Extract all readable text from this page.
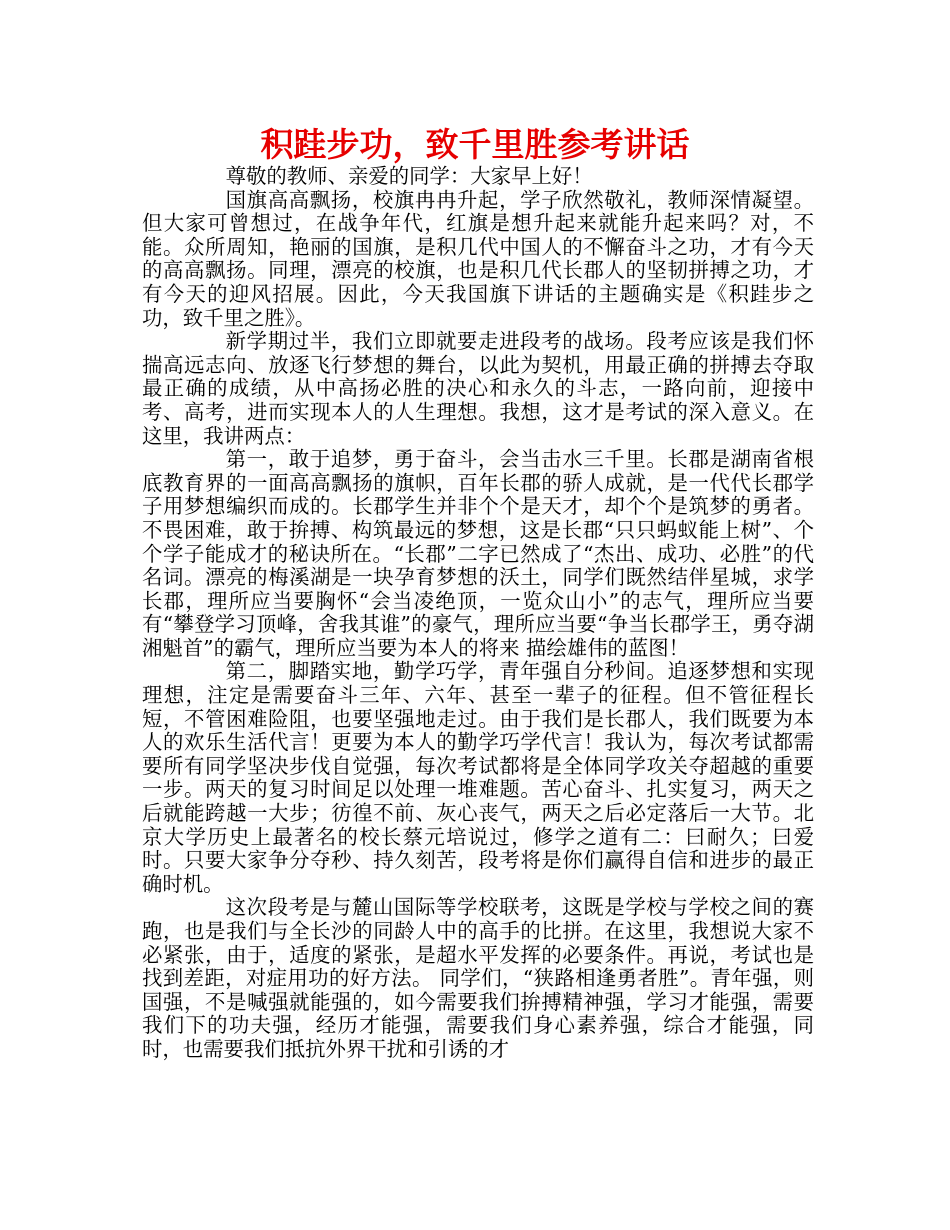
积跬步功，致千里胜参考讲话

尊敬的教师、亲爱的同学：大家早上好！

国旗高高飘扬，校旗冉冉升起，学子欣然敬礼，教师深情凝望。但大家可曾想过，在战争年代，红旗是想升起来就能升起来吗？对，不能。众所周知，艳丽的国旗，是积几代中国人的不懈奋斗之功，才有今天的高高飘扬。同理，漂亮的校旗，也是积几代长郡人的坚韧拼搏之功，才有今天的迎风招展。因此，今天我国旗下讲话的主题确实是《积跬步之功，致千里之胜》。

新学期过半，我们立即就要走进段考的战场。段考应该是我们怀揣高远志向、放逐飞行梦想的舞台，以此为契机，用最正确的拼搏去夺取最正确的成绩，从中高扬必胜的决心和永久的斗志，一路向前，迎接中考、高考，进而实现本人的人生理想。我想，这才是考试的深入意义。在这里，我讲两点：

第一，敢于追梦，勇于奋斗，会当击水三千里。长郡是湖南省根底教育界的一面高高飘扬的旗帜，百年长郡的骄人成就，是一代代长郡学子用梦想编织而成的。长郡学生并非个个是天才，却个个是筑梦的勇者。不畏困难，敢于拚搏、构筑最远的梦想，这是长郡“只只蚂蚁能上树”、个个学子能成才的秘诀所在。“长郡”二字已然成了“杰出、成功、必胜”的代名词。漂亮的梅溪湖是一块孕育梦想的沃土，同学们既然结伴星城，求学长郡，理所应当要胸怀“会当凌绝顶，一览众山小”的志气，理所应当要有“攀登学习顶峰，舍我其谁”的豪气，理所应当要“争当长郡学王，勇夺湖湘魁首”的霸气，理所应当要为本人的将来 描绘雄伟的蓝图！

第二，脚踏实地，勤学巧学，青年强自分秒间。追逐梦想和实现理想，注定是需要奋斗三年、六年、甚至一辈子的征程。但不管征程长短，不管困难险阻，也要坚强地走过。由于我们是长郡人，我们既要为本人的欢乐生活代言！更要为本人的勤学巧学代言！我认为，每次考试都需要所有同学坚决步伐自觉强，每次考试都将是全体同学攻关夺超越的重要一步。两天的复习时间足以处理一堆难题。苦心奋斗、扎实复习，两天之后就能跨越一大步；彷徨不前、灰心丧气，两天之后必定落后一大节。北京大学历史上最著名的校长蔡元培说过，修学之道有二：曰耐久；曰爱时。只要大家争分夺秒、持久刻苦，段考将是你们赢得自信和进步的最正确时机。

这次段考是与麓山国际等学校联考，这既是学校与学校之间的赛跑，也是我们与全长沙的同龄人中的高手的比拼。在这里，我想说大家不必紧张，由于，适度的紧张，是超水平发挥的必要条件。再说，考试也是找到差距，对症用功的好方法。 同学们，“狭路相逢勇者胜”。青年强，则国强，不是喊强就能强的，如今需要我们拚搏精神强，学习才能强，需要我们下的功夫强，经历才能强，需要我们身心素养强，综合才能强，同时，也需要我们抵抗外界干扰和引诱的才
